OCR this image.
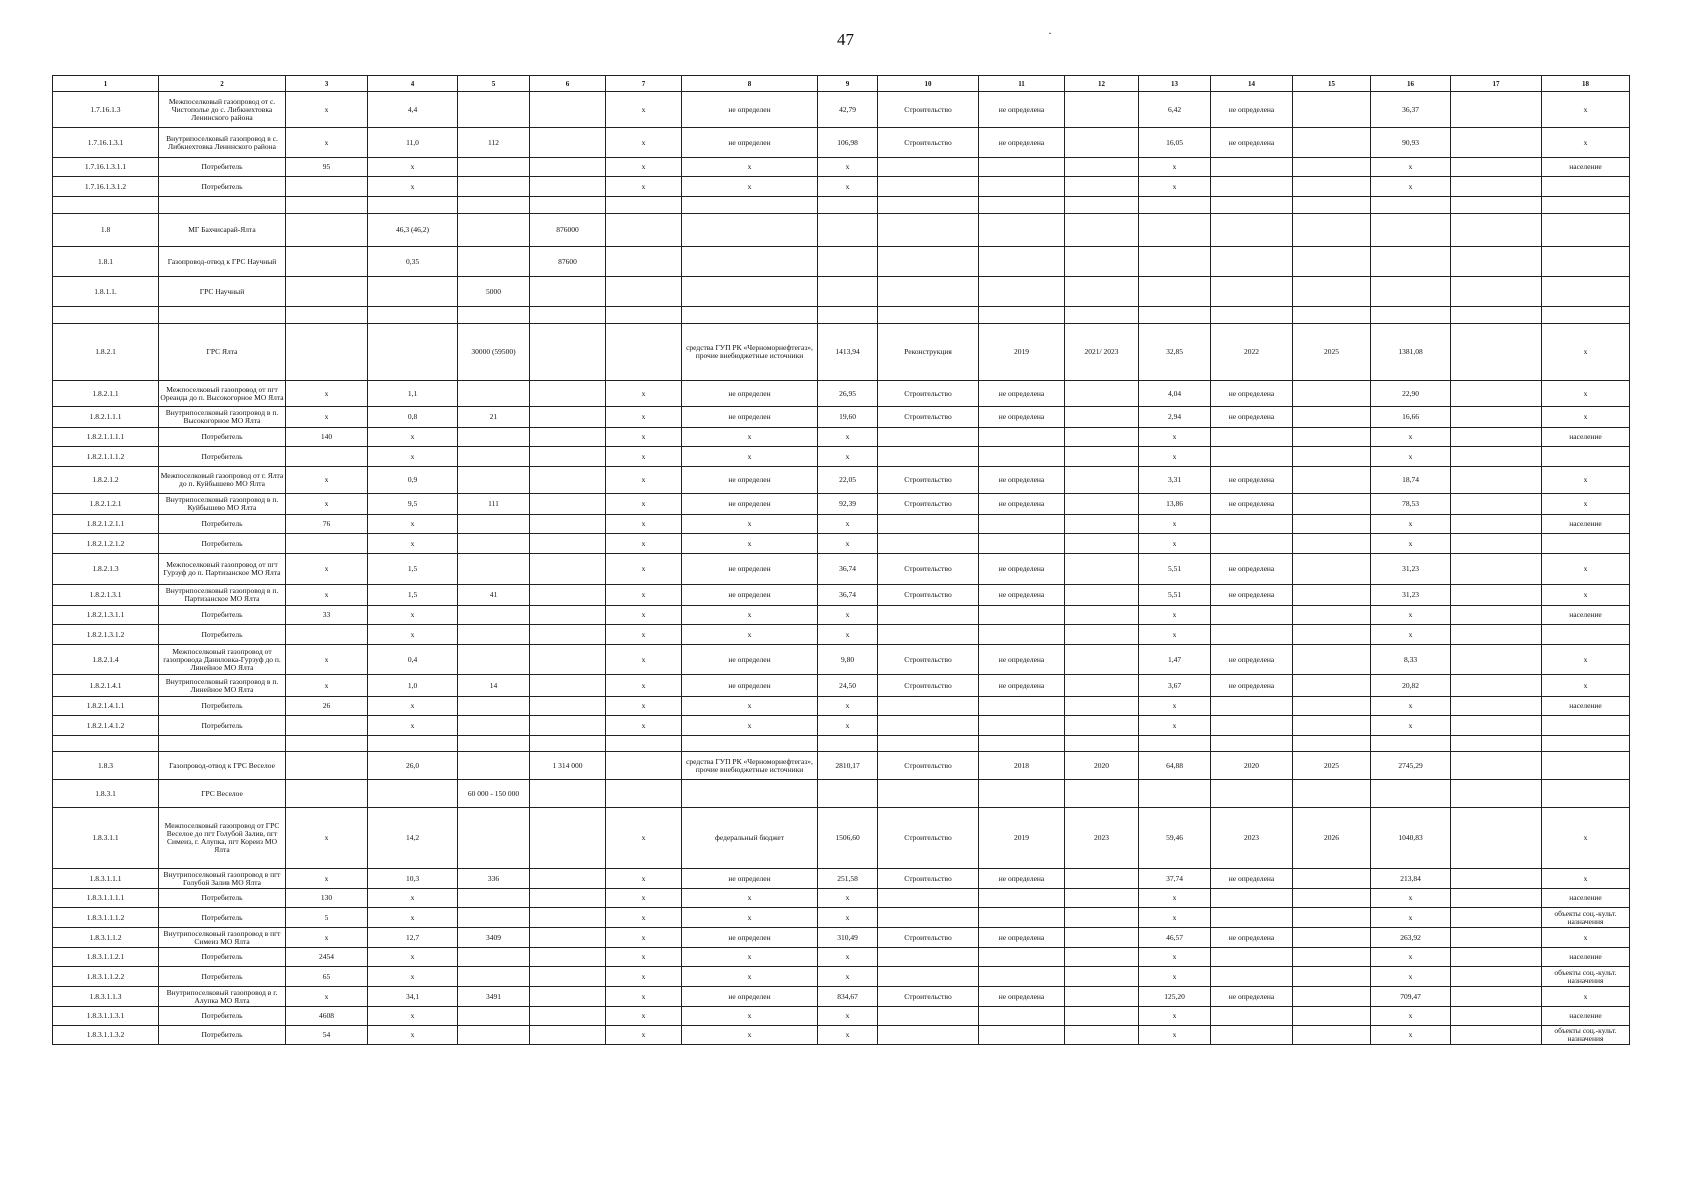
47	·
1	2	3	4	5	6	7	8	9	10	11	12	13	14	15	16	17	18
1.7.16.1.3	Межпоселковый газопровод от с. Чистополье до с. Либкнехтовка Ленинского района	х	4,4			х	не определен	42,79	Строительство	не определена		6,42	не определена		36,37		х
1.7.16.1.3.1	Внутрипоселковый газопровод в с. Либкнехтовка Ленинского района	х	11,0	112		х	не определен	106,98	Строительство	не определена		16,05	не определена		90,93		х
1.7.16.1.3.1.1	Потребитель	95	х			х	х	х				х			х		население
1.7.16.1.3.1.2	Потребитель		х			х	х	х				х			х		

1.8	МГ Бахчисарай-Ялта		46,3 (46,2)		876000												
1.8.1	Газопровод-отвод к ГРС Научный		0,35		87600												
1.8.1.1.	ГРС Научный			5000													

1.8.2.1	ГРС Ялта			30000 (59500)			средства ГУП РК «Черноморнефтегаз», прочие внебюджетные источники	1413,94	Реконструкция	2019	2021/ 2023	32,85	2022	2025	1381,08		х
1.8.2.1.1	Межпоселковый газопровод от пгт Ореанда до п. Высокогорное МО Ялта	х	1,1			х	не определен	26,95	Строительство	не определена		4,04	не определена		22,90		х
1.8.2.1.1.1	Внутрипоселковый газопровод в п. Высокогорное МО Ялта	х	0,8	21		х	не определен	19,60	Строительство	не определена		2,94	не определена		16,66		х
1.8.2.1.1.1.1	Потребитель	140	х			х	х	х				х			х		население
1.8.2.1.1.1.2	Потребитель		х			х	х	х				х			х		
1.8.2.1.2	Межпоселковый газопровод от г. Ялта до п. Куйбышево МО Ялта	х	0,9			х	не определен	22,05	Строительство	не определена		3,31	не определена		18,74		х
1.8.2.1.2.1	Внутрипоселковый газопровод в п. Куйбышево МО Ялта	х	9,5	111		х	не определен	92,39	Строительство	не определена		13,86	не определена		78,53		х
1.8.2.1.2.1.1	Потребитель	76	х			х	х	х				х			х		население
1.8.2.1.2.1.2	Потребитель		х			х	х	х				х			х		
1.8.2.1.3	Межпоселковый газопровод от пгт Гурзуф до п. Партизанское МО Ялта	х	1,5			х	не определен	36,74	Строительство	не определена		5,51	не определена		31,23		х
1.8.2.1.3.1	Внутрипоселковый газопровод в п. Партизанское МО Ялта	х	1,5	41		х	не определен	36,74	Строительство	не определена		5,51	не определена		31,23		х
1.8.2.1.3.1.1	Потребитель	33	х			х	х	х				х			х		население
1.8.2.1.3.1.2	Потребитель		х			х	х	х				х			х		
1.8.2.1.4	Межпоселковый газопровод от газопровода Даниловка-Гурзуф до п. Линейное МО Ялта	х	0,4			х	не определен	9,80	Строительство	не определена		1,47	не определена		8,33		х
1.8.2.1.4.1	Внутрипоселковый газопровод в п. Линейное МО Ялта	х	1,0	14		х	не определен	24,50	Строительство	не определена		3,67	не определена		20,82		х
1.8.2.1.4.1.1	Потребитель	26	х			х	х	х				х			х		население
1.8.2.1.4.1.2	Потребитель		х			х	х	х				х			х		

1.8.3	Газопровод-отвод к ГРС Веселое		26,0		1 314 000		средства ГУП РК «Черноморнефтегаз», прочие внебюджетные источники	2810,17	Строительство	2018	2020	64,88	2020	2025	2745,29		
1.8.3.1	ГРС Веселое			60 000 - 150 000													
1.8.3.1.1	Межпоселковый газопровод от ГРС Веселое до пгт Голубой Залив, пгт Симеиз, г. Алупка, пгт Кореиз МО Ялта	х	14,2			х	федеральный бюджет	1506,60	Строительство	2019	2023	59,46	2023	2026	1040,83		х
1.8.3.1.1.1	Внутрипоселковый газопровод в пгт Голубой Залив МО Ялта	х	10,3	336		х	не определен	251,58	Строительство	не определена		37,74	не определена		213,84		х
1.8.3.1.1.1.1	Потребитель	130	х			х	х	х				х			х		население
1.8.3.1.1.1.2	Потребитель	5	х			х	х	х				х			х		объекты соц.-культ. назначения
1.8.3.1.1.2	Внутрипоселковый газопровод в пгт Симеиз МО Ялта	х	12,7	3409		х	не определен	310,49	Строительство	не определена		46,57	не определена		263,92		х
1.8.3.1.1.2.1	Потребитель	2454	х			х	х	х				х			х		население
1.8.3.1.1.2.2	Потребитель	65	х			х	х	х				х			х		объекты соц.-культ. назначения
1.8.3.1.1.3	Внутрипоселковый газопровод в г. Алупка МО Ялта	х	34,1	3491		х	не определен	834,67	Строительство	не определена		125,20	не определена		709,47		х
1.8.3.1.1.3.1	Потребитель	4608	х			х	х	х				х			х		население
1.8.3.1.1.3.2	Потребитель	54	х			х	х	х				х			х		объекты соц.-культ. назначения
